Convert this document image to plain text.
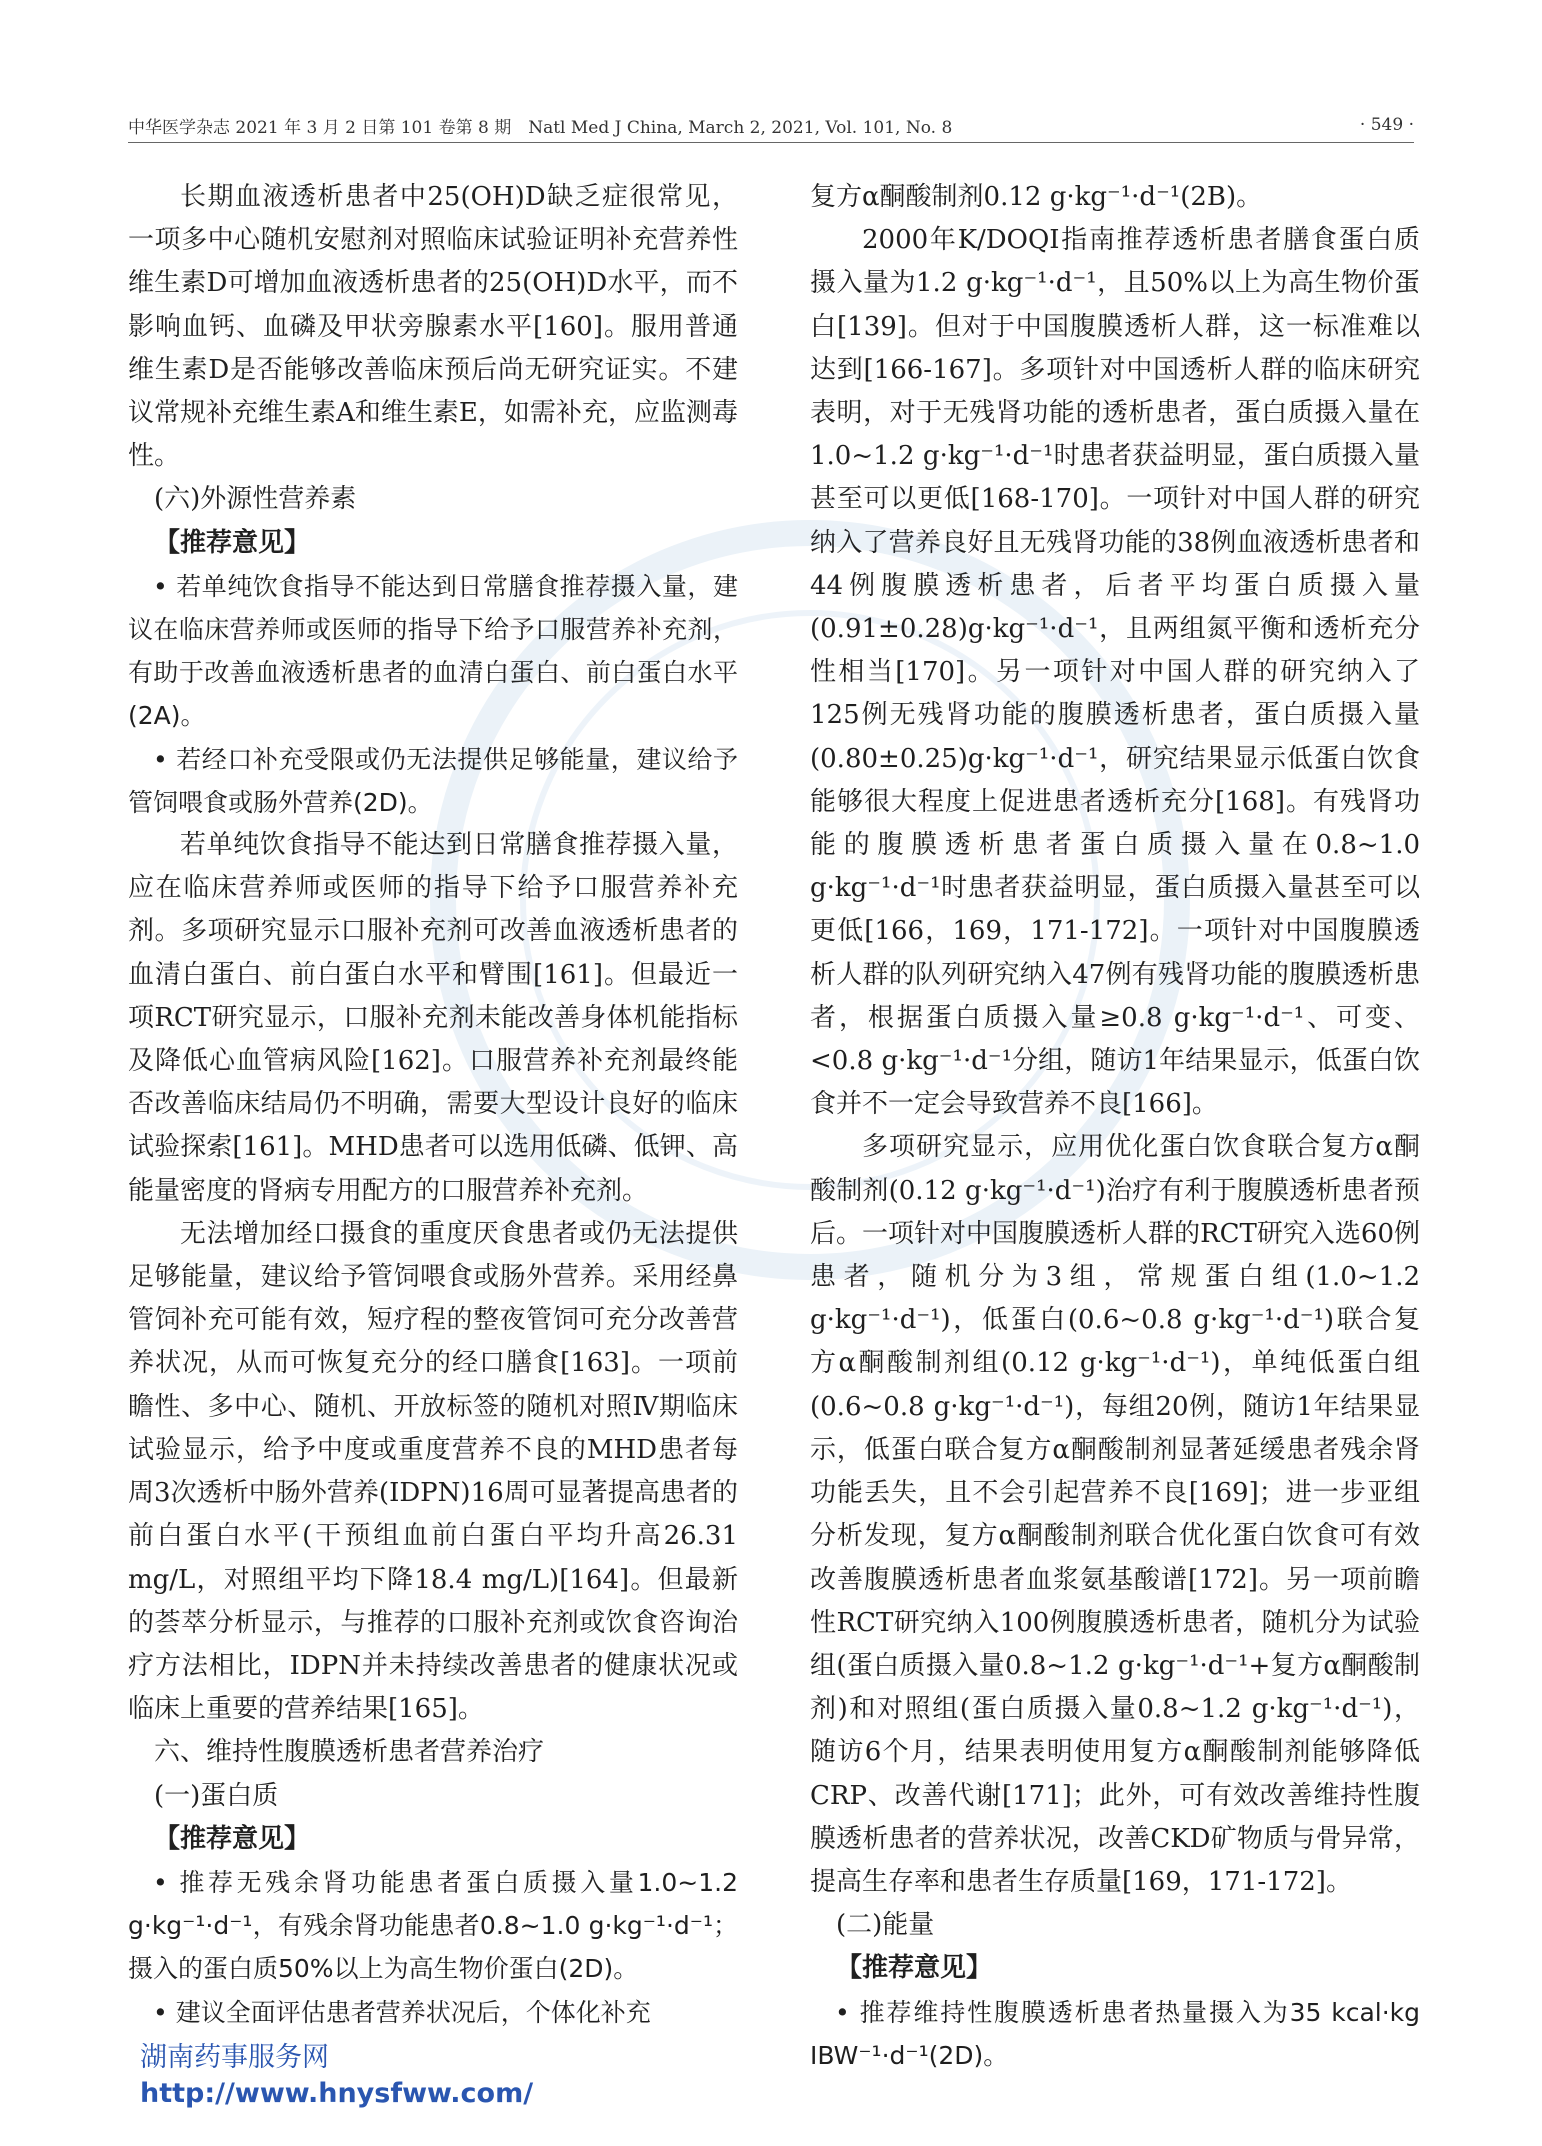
中华医学杂志 2021 年 3 月 2 日第 101 卷第 8 期　Natl Med J China, March 2, 2021, Vol. 101, No. 8	· 549 ·

长期血液透析患者中25(OH)D缺乏症很常见，一项多中心随机安慰剂对照临床试验证明补充营养性维生素D可增加血液透析患者的25(OH)D水平，而不影响血钙、血磷及甲状旁腺素水平[160]。服用普通维生素D是否能够改善临床预后尚无研究证实。不建议常规补充维生素A和维生素E，如需补充，应监测毒性。

(六)外源性营养素

【推荐意见】

• 若单纯饮食指导不能达到日常膳食推荐摄入量，建议在临床营养师或医师的指导下给予口服营养补充剂，有助于改善血液透析患者的血清白蛋白、前白蛋白水平(2A)。

• 若经口补充受限或仍无法提供足够能量，建议给予管饲喂食或肠外营养(2D)。

若单纯饮食指导不能达到日常膳食推荐摄入量，应在临床营养师或医师的指导下给予口服营养补充剂。多项研究显示口服补充剂可改善血液透析患者的血清白蛋白、前白蛋白水平和臂围[161]。但最近一项RCT研究显示，口服补充剂未能改善身体机能指标及降低心血管病风险[162]。口服营养补充剂最终能否改善临床结局仍不明确，需要大型设计良好的临床试验探索[161]。MHD患者可以选用低磷、低钾、高能量密度的肾病专用配方的口服营养补充剂。

无法增加经口摄食的重度厌食患者或仍无法提供足够能量，建议给予管饲喂食或肠外营养。采用经鼻管饲补充可能有效，短疗程的整夜管饲可充分改善营养状况，从而可恢复充分的经口膳食[163]。一项前瞻性、多中心、随机、开放标签的随机对照Ⅳ期临床试验显示，给予中度或重度营养不良的MHD患者每周3次透析中肠外营养(IDPN)16周可显著提高患者的前白蛋白水平(干预组血前白蛋白平均升高26.31 mg/L，对照组平均下降18.4 mg/L)[164]。但最新的荟萃分析显示，与推荐的口服补充剂或饮食咨询治疗方法相比，IDPN并未持续改善患者的健康状况或临床上重要的营养结果[165]。

六、维持性腹膜透析患者营养治疗

(一)蛋白质

【推荐意见】

• 推荐无残余肾功能患者蛋白质摄入量1.0~1.2 g·kg⁻¹·d⁻¹，有残余肾功能患者0.8~1.0 g·kg⁻¹·d⁻¹；摄入的蛋白质50%以上为高生物价蛋白(2D)。

• 建议全面评估患者营养状况后，个体化补充

复方α酮酸制剂0.12 g·kg⁻¹·d⁻¹(2B)。

2000年K/DOQI指南推荐透析患者膳食蛋白质摄入量为1.2 g·kg⁻¹·d⁻¹，且50%以上为高生物价蛋白[139]。但对于中国腹膜透析人群，这一标准难以达到[166-167]。多项针对中国透析人群的临床研究表明，对于无残肾功能的透析患者，蛋白质摄入量在1.0~1.2 g·kg⁻¹·d⁻¹时患者获益明显，蛋白质摄入量甚至可以更低[168-170]。一项针对中国人群的研究纳入了营养良好且无残肾功能的38例血液透析患者和44例腹膜透析患者，后者平均蛋白质摄入量(0.91±0.28)g·kg⁻¹·d⁻¹，且两组氮平衡和透析充分性相当[170]。另一项针对中国人群的研究纳入了125例无残肾功能的腹膜透析患者，蛋白质摄入量(0.80±0.25)g·kg⁻¹·d⁻¹，研究结果显示低蛋白饮食能够很大程度上促进患者透析充分[168]。有残肾功能的腹膜透析患者蛋白质摄入量在0.8~1.0 g·kg⁻¹·d⁻¹时患者获益明显，蛋白质摄入量甚至可以更低[166，169，171-172]。一项针对中国腹膜透析人群的队列研究纳入47例有残肾功能的腹膜透析患者，根据蛋白质摄入量≥0.8 g·kg⁻¹·d⁻¹、可变、<0.8 g·kg⁻¹·d⁻¹分组，随访1年结果显示，低蛋白饮食并不一定会导致营养不良[166]。

多项研究显示，应用优化蛋白饮食联合复方α酮酸制剂(0.12 g·kg⁻¹·d⁻¹)治疗有利于腹膜透析患者预后。一项针对中国腹膜透析人群的RCT研究入选60例患者，随机分为3组，常规蛋白组(1.0~1.2 g·kg⁻¹·d⁻¹)，低蛋白(0.6~0.8 g·kg⁻¹·d⁻¹)联合复方α酮酸制剂组(0.12 g·kg⁻¹·d⁻¹)，单纯低蛋白组(0.6~0.8 g·kg⁻¹·d⁻¹)，每组20例，随访1年结果显示，低蛋白联合复方α酮酸制剂显著延缓患者残余肾功能丢失，且不会引起营养不良[169]；进一步亚组分析发现，复方α酮酸制剂联合优化蛋白饮食可有效改善腹膜透析患者血浆氨基酸谱[172]。另一项前瞻性RCT研究纳入100例腹膜透析患者，随机分为试验组(蛋白质摄入量0.8~1.2 g·kg⁻¹·d⁻¹+复方α酮酸制剂)和对照组(蛋白质摄入量0.8~1.2 g·kg⁻¹·d⁻¹)，随访6个月，结果表明使用复方α酮酸制剂能够降低CRP、改善代谢[171]；此外，可有效改善维持性腹膜透析患者的营养状况，改善CKD矿物质与骨异常，提高生存率和患者生存质量[169，171-172]。

(二)能量

【推荐意见】

• 推荐维持性腹膜透析患者热量摄入为35 kcal·kg IBW⁻¹·d⁻¹(2D)。

湖南药事服务网
http://www.hnysfww.com/
